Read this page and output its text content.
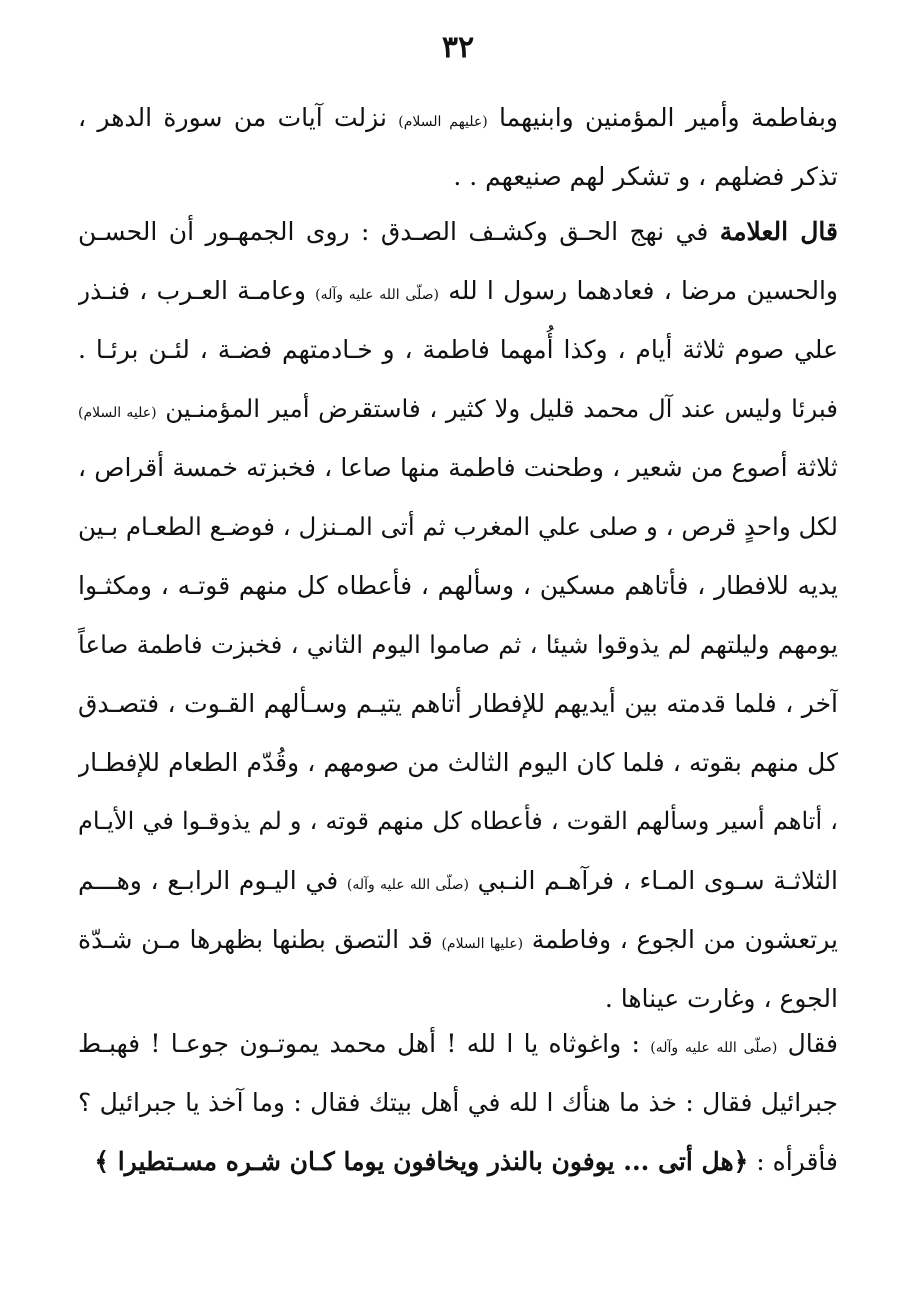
٣٢
وبفاطمة وأمير المؤمنين وابنيهما (عليهم السلام) نزلت آيات من سورة الدهر ،
تذكر فضلهم ، و تشكر لهم صنيعهم . .
قال العلامة في نهج الحـق وكشـف الصـدق : روى الجمهـور أن الحسـن
والحسين مرضا ، فعادهما رسول ا لله (صلّى الله عليه وآله) وعامـة العـرب ، فنـذر
علي صوم ثلاثة أيام ، وكذا أُمهما فاطمة ، و خـادمتهم فضـة ، لئـن برئـا .
فبرئا وليس عند آل محمد قليل ولا كثير ، فاستقرض أمير المؤمنـين (عليه السلام)
ثلاثة أصوع من شعير ، وطحنت فاطمة منها صاعا ، فخبزته خمسة أقراص ،
لكل واحدٍ قرص ، و صلى علي المغرب ثم أتى المـنزل ، فوضـع الطعـام بـين
يديه للافطار ، فأتاهم مسكين ، وسألهم ، فأعطاه كل منهم قوتـه ، ومكثـوا
يومهم وليلتهم لم يذوقوا شيئا ، ثم صاموا اليوم الثاني ، فخبزت فاطمة صاعاً
آخر ، فلما قدمته بين أيديهم للإفطار أتاهم يتيـم وسـألهم القـوت ، فتصـدق
كل منهم بقوته ، فلما كان اليوم الثالث من صومهم ، وقُدّم الطعام للإفطـار
، أتاهم أسير وسألهم القوت ، فأعطاه كل منهم قوته ، و لم يذوقـوا في الأيـام
الثلاثـة سـوى المـاء ، فرآهـم النـبي (صلّى الله عليه وآله) في اليـوم الرابـع ، وهـــم
يرتعشون من الجوع ، وفاطمة (عليها السلام) قد التصق بطنها بظهرها مـن شـدّة
الجوع ، وغارت عيناها .
فقال (صلّى الله عليه وآله) : واغوثاه يا ا لله ! أهل محمد يموتـون جوعـا ! فهبـط
جبرائيل فقال : خذ ما هنأك ا لله في أهل بيتك فقال : وما آخذ يا جبرائيل ؟
فأقرأه : ﴿هل أتى ... يوفون بالنذر ويخافون يوما كـان شـره مسـتطيرا ﴾
